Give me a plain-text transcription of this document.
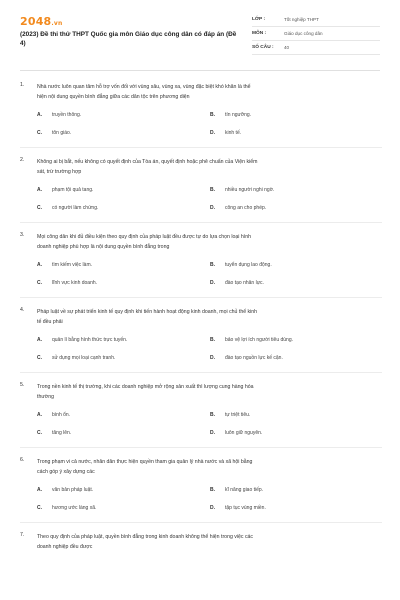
2048.vn
(2023) Đề thi thử THPT Quốc gia môn Giáo dục công dân có đáp án (Đề 4)
LỚP :	Tốt nghiệp THPT
MÔN :	Giáo dục công dân
SỐ CÂU :	40
1. Nhà nước luôn quan tâm hỗ trợ vốn đối với vùng sâu, vùng xa, vùng đặc biệt khó khăn là thể

hiện nội dung quyền bình đẳng giữa các dân tộc trên phương diện

A.	truyền thông.	B.	tín ngưỡng.
C.	tôn giáo.	D.	kinh tế.
2. Không ai bị bắt, nếu không có quyết định của Tòa án, quyết định hoặc phê chuẩn của Viện kiểm

sát, trừ trường hợp

A.	phạm tội quả tang.	B.	nhiều người nghi ngờ.
C.	có người làm chứng.	D.	công an cho phép.
3. Mọi công dân khi đủ điều kiện theo quy định của pháp luật đều được tự do lựa chọn loại hình

doanh nghiệp phù hợp là nội dung quyền bình đẳng trong

A.	tìm kiếm việc làm.	B.	tuyển dụng lao động.
C.	lĩnh vực kinh doanh.	D.	đào tạo nhân lực.
4. Pháp luật về sự phát triển kinh tế quy định khi tiến hành hoạt động kinh doanh, mọi chủ thể kinh

tế đều phải

A.	quản lí bằng hình thức trực tuyến.	B.	bảo vệ lợi ích người tiêu dùng.
C.	sử dụng mọi loại cạnh tranh.	D.	đào tạo nguồn lực kế cận.
5. Trong nền kinh tế thị trường, khi các doanh nghiệp mở rộng sản xuất thì lượng cung hàng hóa

thường

A.	bình ổn.	B.	tự triệt tiêu.
C.	tăng lên.	D.	luôn giữ nguyên.
6. Trong phạm vi cả nước, nhân dân thực hiện quyền tham gia quản lý nhà nước và xã hội bằng

cách góp ý xây dựng các

A.	văn bản pháp luật.	B.	kĩ năng giao tiếp.
C.	hương ước làng xã.	D.	tập tục vùng miền.
7. Theo quy định của pháp luật, quyền bình đẳng trong kinh doanh không thể hiện trong việc các

doanh nghiệp đều được
